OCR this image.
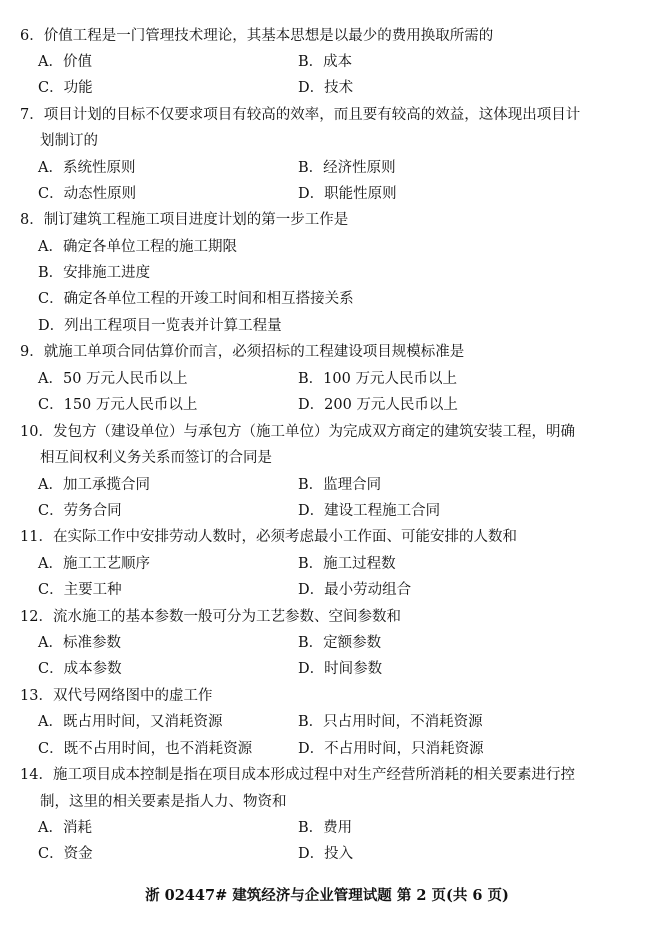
6．价值工程是一门管理技术理论，其基本思想是以最少的费用换取所需的
A．价值	B．成本
C．功能	D．技术
7．项目计划的目标不仅要求项目有较高的效率，而且要有较高的效益，这体现出项目计
划制订的
A．系统性原则	B．经济性原则
C．动态性原则	D．职能性原则
8．制订建筑工程施工项目进度计划的第一步工作是
A．确定各单位工程的施工期限
B．安排施工进度
C．确定各单位工程的开竣工时间和相互搭接关系
D．列出工程项目一览表并计算工程量
9．就施工单项合同估算价而言，必须招标的工程建设项目规模标准是
A．50 万元人民币以上	B．100 万元人民币以上
C．150 万元人民币以上	D．200 万元人民币以上
10．发包方（建设单位）与承包方（施工单位）为完成双方商定的建筑安装工程，明确
相互间权利义务关系而签订的合同是
A．加工承揽合同	B．监理合同
C．劳务合同	D．建设工程施工合同
11．在实际工作中安排劳动人数时，必须考虑最小工作面、可能安排的人数和
A．施工工艺顺序	B．施工过程数
C．主要工种	D．最小劳动组合
12．流水施工的基本参数一般可分为工艺参数、空间参数和
A．标准参数	B．定额参数
C．成本参数	D．时间参数
13．双代号网络图中的虚工作
A．既占用时间，又消耗资源	B．只占用时间，不消耗资源
C．既不占用时间，也不消耗资源	D．不占用时间，只消耗资源
14．施工项目成本控制是指在项目成本形成过程中对生产经营所消耗的相关要素进行控
制，这里的相关要素是指人力、物资和
A．消耗	B．费用
C．资金	D．投入
浙 02447# 建筑经济与企业管理试题 第 2 页(共 6 页)
